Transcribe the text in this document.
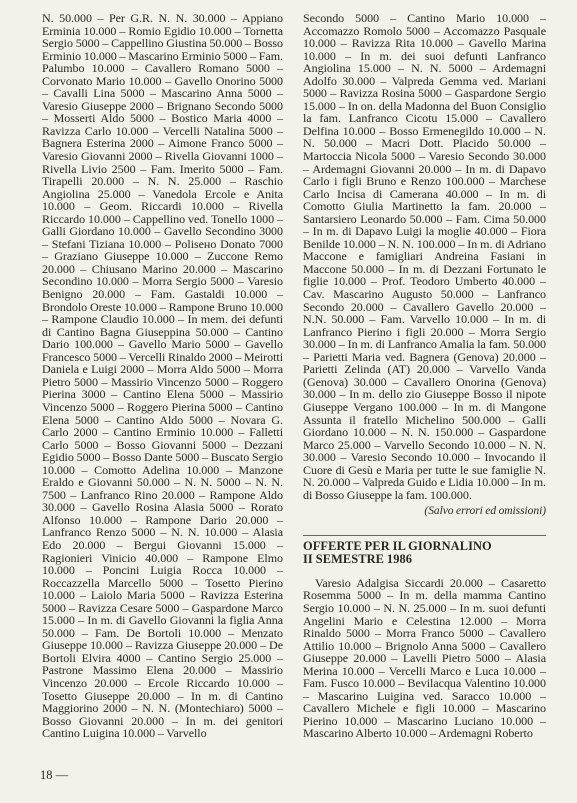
N. 50.000 – Per G.R. N. N. 30.000 – Appiano Erminia 10.000 – Romio Egidio 10.000 – Tornetta Sergio 5000 – Cappellino Giustina 50.000 – Bosso Erminio 10.000 – Mascarino Erminio 5000 – Fam. Palumbo 10.000 – Cavallero Romano 5000 – Corvonato Mario 10.000 – Gavello Onorino 5000 – Cavalli Lina 5000 – Mascarino Anna 5000 – Varesio Giuseppe 2000 – Brignano Secondo 5000 – Mosserti Aldo 5000 – Bostico Maria 4000 – Ravizza Carlo 10.000 – Vercelli Natalina 5000 – Bagnera Esterina 2000 – Aimone Franco 5000 – Varesio Giovanni 2000 – Rivella Giovanni 1000 – Rivella Livio 2500 – Fam. Imerito 5000 – Fam. Tirapelli 20.000 – N. N. 25.000 – Raschio Angiolina 25.000 – Vanedola Ercole e Anita 10.000 – Geom. Riccardi 10.000 – Rivella Riccardo 10.000 – Cappellino ved. Tonello 1000 – Galli Giordano 10.000 – Gavello Secondino 3000 – Stefani Tiziana 10.000 – Polisено Donato 7000 – Graziano Giuseppe 10.000 – Zuccone Remo 20.000 – Chiusano Marino 20.000 – Mascarino Secondino 10.000 – Morra Sergio 5000 – Varesio Benigno 20.000 – Fam. Gastaldi 10.000 – Brondolo Oreste 10.000 – Rampone Bruno 10.000 – Rampone Claudio 10.000 – In mem. dei defunti di Cantino Bagna Giuseppina 50.000 – Cantino Dario 100.000 – Gavello Mario 5000 – Gavello Francesco 5000 – Vercelli Rinaldo 2000 – Meirotti Daniela e Luigi 2000 – Morra Aldo 5000 – Morra Pietro 5000 – Massirio Vincenzo 5000 – Roggero Pierina 3000 – Cantino Elena 5000 – Massirio Vincenzo 5000 – Roggero Pierina 5000 – Cantino Elena 5000 – Cantino Aldo 5000 – Novara G. Carlo 2000 – Cantino Erminio 10.000 – Falletti Carlo 5000 – Bosso Giovanni 5000 – Dezzani Egidio 5000 – Bosso Dante 5000 – Buscato Sergio 10.000 – Comotto Adelina 10.000 – Manzone Eraldo e Giovanni 50.000 – N. N. 5000 – N. N. 7500 – Lanfranco Rino 20.000 – Rampone Aldo 30.000 – Gavello Rosina Alasia 5000 – Rorato Alfonso 10.000 – Rampone Dario 20.000 – Lanfranco Renzo 5000 – N. N. 10.000 – Alasia Edo 20.000 – Bergui Giovanni 15.000 – Ragionieri Vinicio 40.000 – Rampone Elmo 10.000 – Poncini Luigia Rocca 10.000 – Roccazzella Marcello 5000 – Tosetto Pierino 10.000 – Laiolo Maria 5000 – Ravizza Esterina 5000 – Ravizza Cesare 5000 – Gaspardone Marco 15.000 – In m. di Gavello Giovanni la figlia Anna 50.000 – Fam. De Bortoli 10.000 – Menzato Giuseppe 10.000 – Ravizza Giuseppe 20.000 – De Bortoli Elvira 4000 – Cantino Sergio 25.000 – Pastrone Massimo Elena 20.000 – Massirio Vincenzo 20.000 – Ercole Riccardo 10.000 – Tosetto Giuseppe 20.000 – In m. di Cantino Maggiorino 2000 – N. N. (Montechiaro) 5000 – Bosso Giovanni 20.000 – In m. dei genitori Cantino Luigina 10.000 – Varvello

Secondo 5000 – Cantino Mario 10.000 – Accomazzo Romolo 5000 – Accomazzo Pasquale 10.000 – Ravizza Rita 10.000 – Gavello Marina 10.000 – In m. dei suoi defunti Lanfranco Angiolina 15.000 – N. N. 5000 – Ardemagni Adolfo 30.000 – Valpreda Gemma ved. Mariani 5000 – Ravizza Rosina 5000 – Gaspardone Sergio 15.000 – In on. della Madonna del Buon Consiglio la fam. Lanfranco Cicotu 15.000 – Cavallero Delfina 10.000 – Bosso Ermenegildo 10.000 – N. N. 50.000 – Macri Dott. Placido 50.000 – Martoccia Nicola 5000 – Varesio Secondo 30.000 – Ardemagni Giovanni 20.000 – In m. di Dapavo Carlo i figli Bruno e Renzo 100.000 – Marchese Carlo Incisa di Camerana 40.000 – In m. di Comotto Giulia Martinetto la fam. 20.000 – Santarsiero Leonardo 50.000 – Fam. Cima 50.000 – In m. di Dapavo Luigi la moglie 40.000 – Fiora Benilde 10.000 – N. N. 100.000 – In m. di Adriano Maccone e famigliari Andreina Fasiani in Maccone 50.000 – In m. di Dezzani Fortunato le figlie 10.000 – Prof. Teodoro Umberto 40.000 – Cav. Mascarino Augusto 50.000 – Lanfranco Secondo 20.000 – Cavallero Gavello 20.000 – N.N. 50.000 – Fam. Varvello 10.000 – In m. di Lanfranco Pierino i figli 20.000 – Morra Sergio 30.000 – In m. di Lanfranco Amalia la fam. 50.000 – Parietti Maria ved. Bagnera (Genova) 20.000 – Parietti Zelinda (AT) 20.000 – Varvello Vanda (Genova) 30.000 – Cavallero Onorina (Genova) 30.000 – In m. dello zio Giuseppe Bosso il nipote Giuseppe Vergano 100.000 – In m. di Mangone Assunta il fratello Michelino 500.000 – Galli Giordano 10.000 – N. N. 150.000 – Gaspardone Marco 25.000 – Varvello Secondo 10.000 – N. N. 30.000 – Varesio Secondo 10.000 – Invocando il Cuore di Gesù e Maria per tutte le sue famiglie N. N. 20.000 – Valpreda Guido e Lidia 10.000 – In m. di Bosso Giuseppe la fam. 100.000.

(Salvo errori ed omissioni)

OFFERTE PER IL GIORNALINO
II SEMESTRE 1986

Varesio Adalgisa Siccardi 20.000 – Casaretto Rosemma 5000 – In m. della mamma Cantino Sergio 10.000 – N. N. 25.000 – In m. suoi defunti Angelini Mario e Celestina 12.000 – Morra Rinaldo 5000 – Morra Franco 5000 – Cavallero Attilio 10.000 – Brignolo Anna 5000 – Cavallero Giuseppe 20.000 – Lavelli Pietro 5000 – Alasia Merina 10.000 – Vercelli Marco e Luca 10.000 – Fam. Fusco 10.000 – Bevilacqua Valentino 10.000 – Mascarino Luigina ved. Saracco 10.000 – Cavallero Michele e figli 10.000 – Mascarino Pierino 10.000 – Mascarino Luciano 10.000 – Mascarino Alberto 10.000 – Ardemagni Roberto

18 —
